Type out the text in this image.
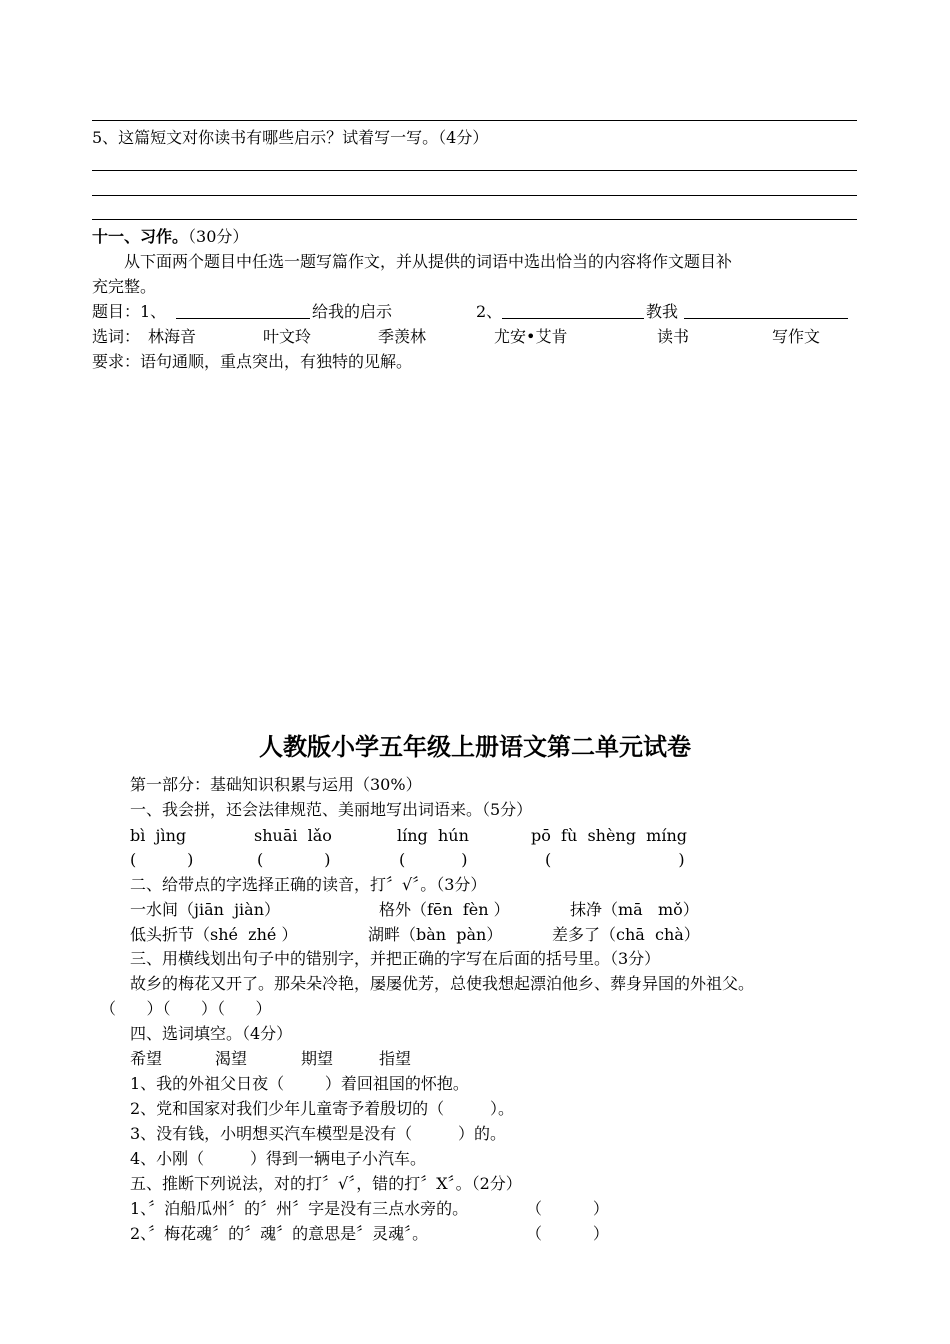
5、这篇短文对你读书有哪些启示？试着写一写。（4分）
十一、习作。（30分）
从下面两个题目中任选一题写篇作文，并从提供的词语中选出恰当的内容将作文题目补
充完整。
题目：1、	给我的启示	2、	教我
选词： 林海音	叶文玲	季羡林	尤安•艾肯	读书	写作文
要求：语句通顺，重点突出，有独特的见解。
人教版小学五年级上册语文第二单元试卷
第一部分：基础知识积累与运用（30%）
一、我会拼，还会法律规范、美丽地写出词语来。（5分）
bì  jìng	shuāi  lǎo	líng  hún	pō  fù  shèng  míng
(          )	(            )	(           )	(                         )
二、给带点的字选择正确的读音，打〞√〞。（3分）
一水间（jiān  jiàn）	格外（fēn  fèn ）	抹净（mā   mǒ）
低头折节（shé  zhé ）	湖畔（bàn  pàn）	差多了（chā  chà）
三、用横线划出句子中的错别字，并把正确的字写在后面的括号里。（3分）
故乡的梅花又开了。那朵朵冷艳，屡屡优芳，总使我想起漂泊他乡、葬身异国的外祖父。
（      ）（      ）（      ）
四、选词填空。（4分）
希望	渴望	期望	指望
1、我的外祖父日夜（        ）着回祖国的怀抱。
2、党和国家对我们少年儿童寄予着殷切的（         ）。
3、没有钱，小明想买汽车模型是没有（         ）的。
4、小刚（         ）得到一辆电子小汽车。
五、推断下列说法，对的打〞√〞，错的打〞X〞。（2分）
1、〞泊船瓜州〞的〞州〞字是没有三点水旁的。	（          ）
2、〞梅花魂〞的〞魂〞的意思是〞灵魂〞。	（          ）
